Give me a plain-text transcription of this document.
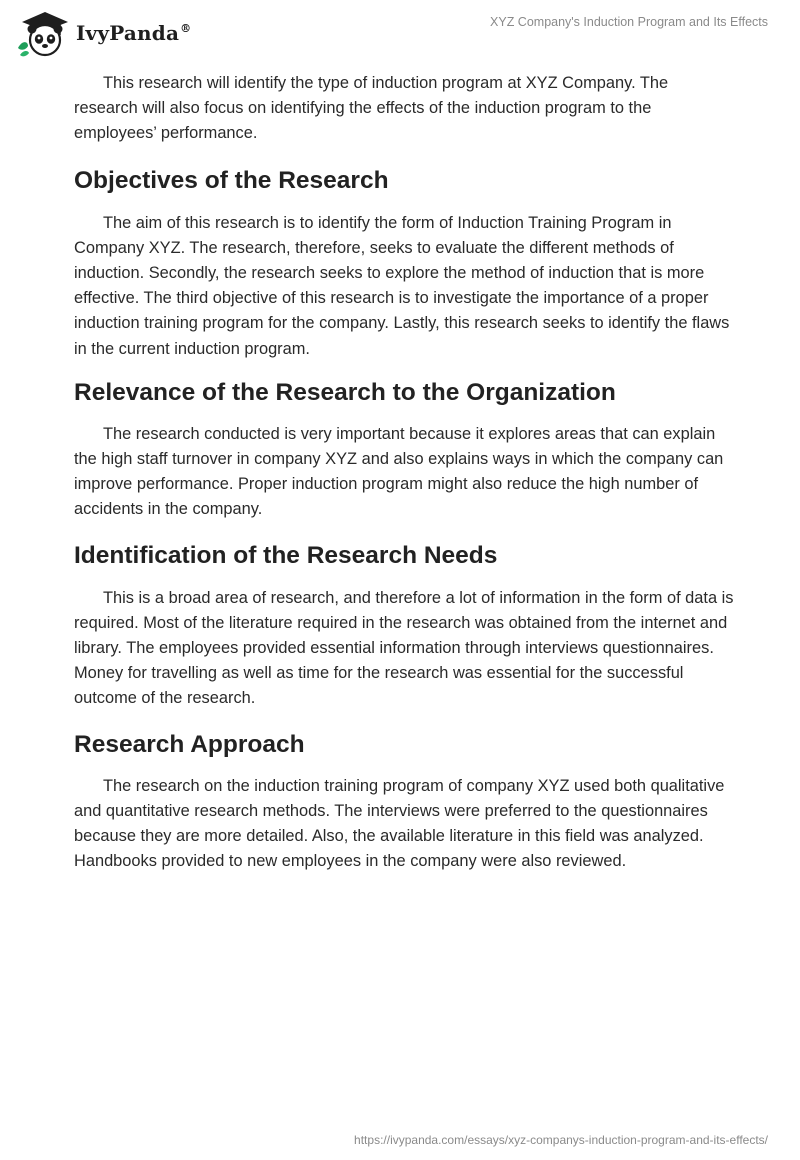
IvyPanda®	XYZ Company's Induction Program and Its Effects

This research will identify the type of induction program at XYZ Company. The research will also focus on identifying the effects of the induction program to the employees’ performance.

Objectives of the Research

The aim of this research is to identify the form of Induction Training Program in Company XYZ. The research, therefore, seeks to evaluate the different methods of induction. Secondly, the research seeks to explore the method of induction that is more effective. The third objective of this research is to investigate the importance of a proper induction training program for the company. Lastly, this research seeks to identify the flaws in the current induction program.

Relevance of the Research to the Organization

The research conducted is very important because it explores areas that can explain the high staff turnover in company XYZ and also explains ways in which the company can improve performance. Proper induction program might also reduce the high number of accidents in the company.

Identification of the Research Needs

This is a broad area of research, and therefore a lot of information in the form of data is required. Most of the literature required in the research was obtained from the internet and library. The employees provided essential information through interviews questionnaires. Money for travelling as well as time for the research was essential for the successful outcome of the research.

Research Approach

The research on the induction training program of company XYZ used both qualitative and quantitative research methods. The interviews were preferred to the questionnaires because they are more detailed. Also, the available literature in this field was analyzed. Handbooks provided to new employees in the company were also reviewed.

https://ivypanda.com/essays/xyz-companys-induction-program-and-its-effects/
